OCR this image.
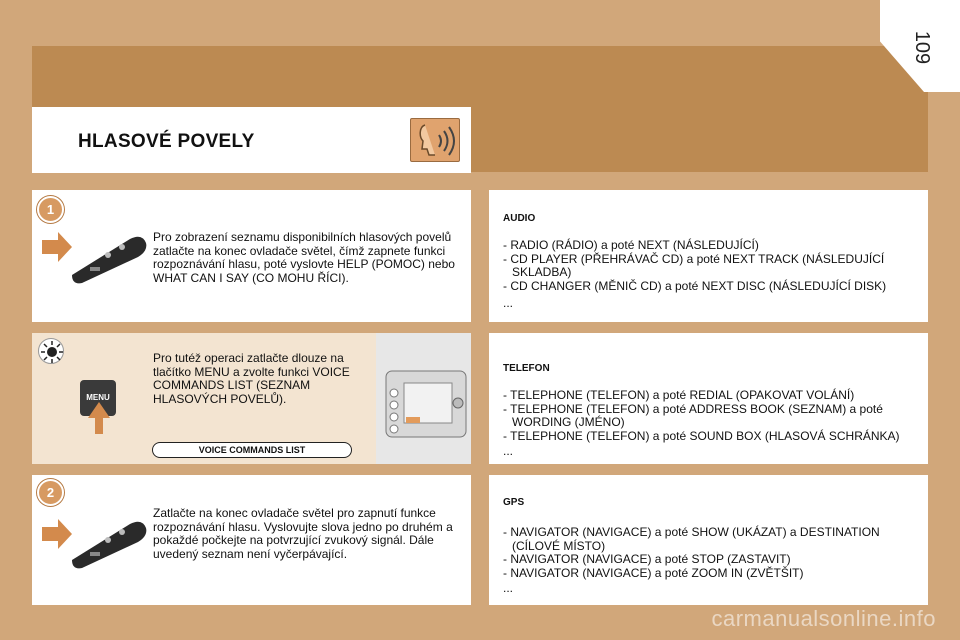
109
HLASOVÉ POVELY
Pro zobrazení seznamu disponibilních hlasových povelů zatlačte na konec ovladače světel, čímž zapnete funkci rozpoznávání hlasu, poté vyslovte HELP (POMOC) nebo WHAT CAN I SAY (CO MOHU ŘÍCI).
1
Pro tutéž operaci zatlačte dlouze na tlačítko MENU a zvolte funkci VOICE COMMANDS LIST (SEZNAM HLASOVÝCH POVELŮ).
MENU
VOICE COMMANDS LIST
Zatlačte na konec ovladače světel pro zapnutí funkce rozpoznávání hlasu. Vyslovujte slova jedno po druhém a pokaždé počkejte na potvrzující zvukový signál. Dále uvedený seznam není vyčerpávající.
2
AUDIO
- RADIO (RÁDIO) a poté NEXT (NÁSLEDUJÍCÍ)
- CD PLAYER (PŘEHRÁVAČ CD) a poté NEXT TRACK (NÁSLEDUJÍCÍ SKLADBA)
- CD CHANGER (MĚNIČ CD) a poté NEXT DISC (NÁSLEDUJÍCÍ DISK)
...
TELEFON
- TELEPHONE (TELEFON) a poté REDIAL (OPAKOVAT VOLÁNÍ)
- TELEPHONE (TELEFON) a poté ADDRESS BOOK (SEZNAM) a poté WORDING (JMÉNO)
- TELEPHONE (TELEFON) a poté SOUND BOX (HLASOVÁ SCHRÁNKA)
...
GPS
- NAVIGATOR (NAVIGACE) a poté SHOW (UKÁZAT) a DESTINATION (CÍLOVÉ MÍSTO)
- NAVIGATOR (NAVIGACE) a poté STOP (ZASTAVIT)
- NAVIGATOR (NAVIGACE) a poté ZOOM IN (ZVĚTŠIT)
...
carmanualsonline.info
